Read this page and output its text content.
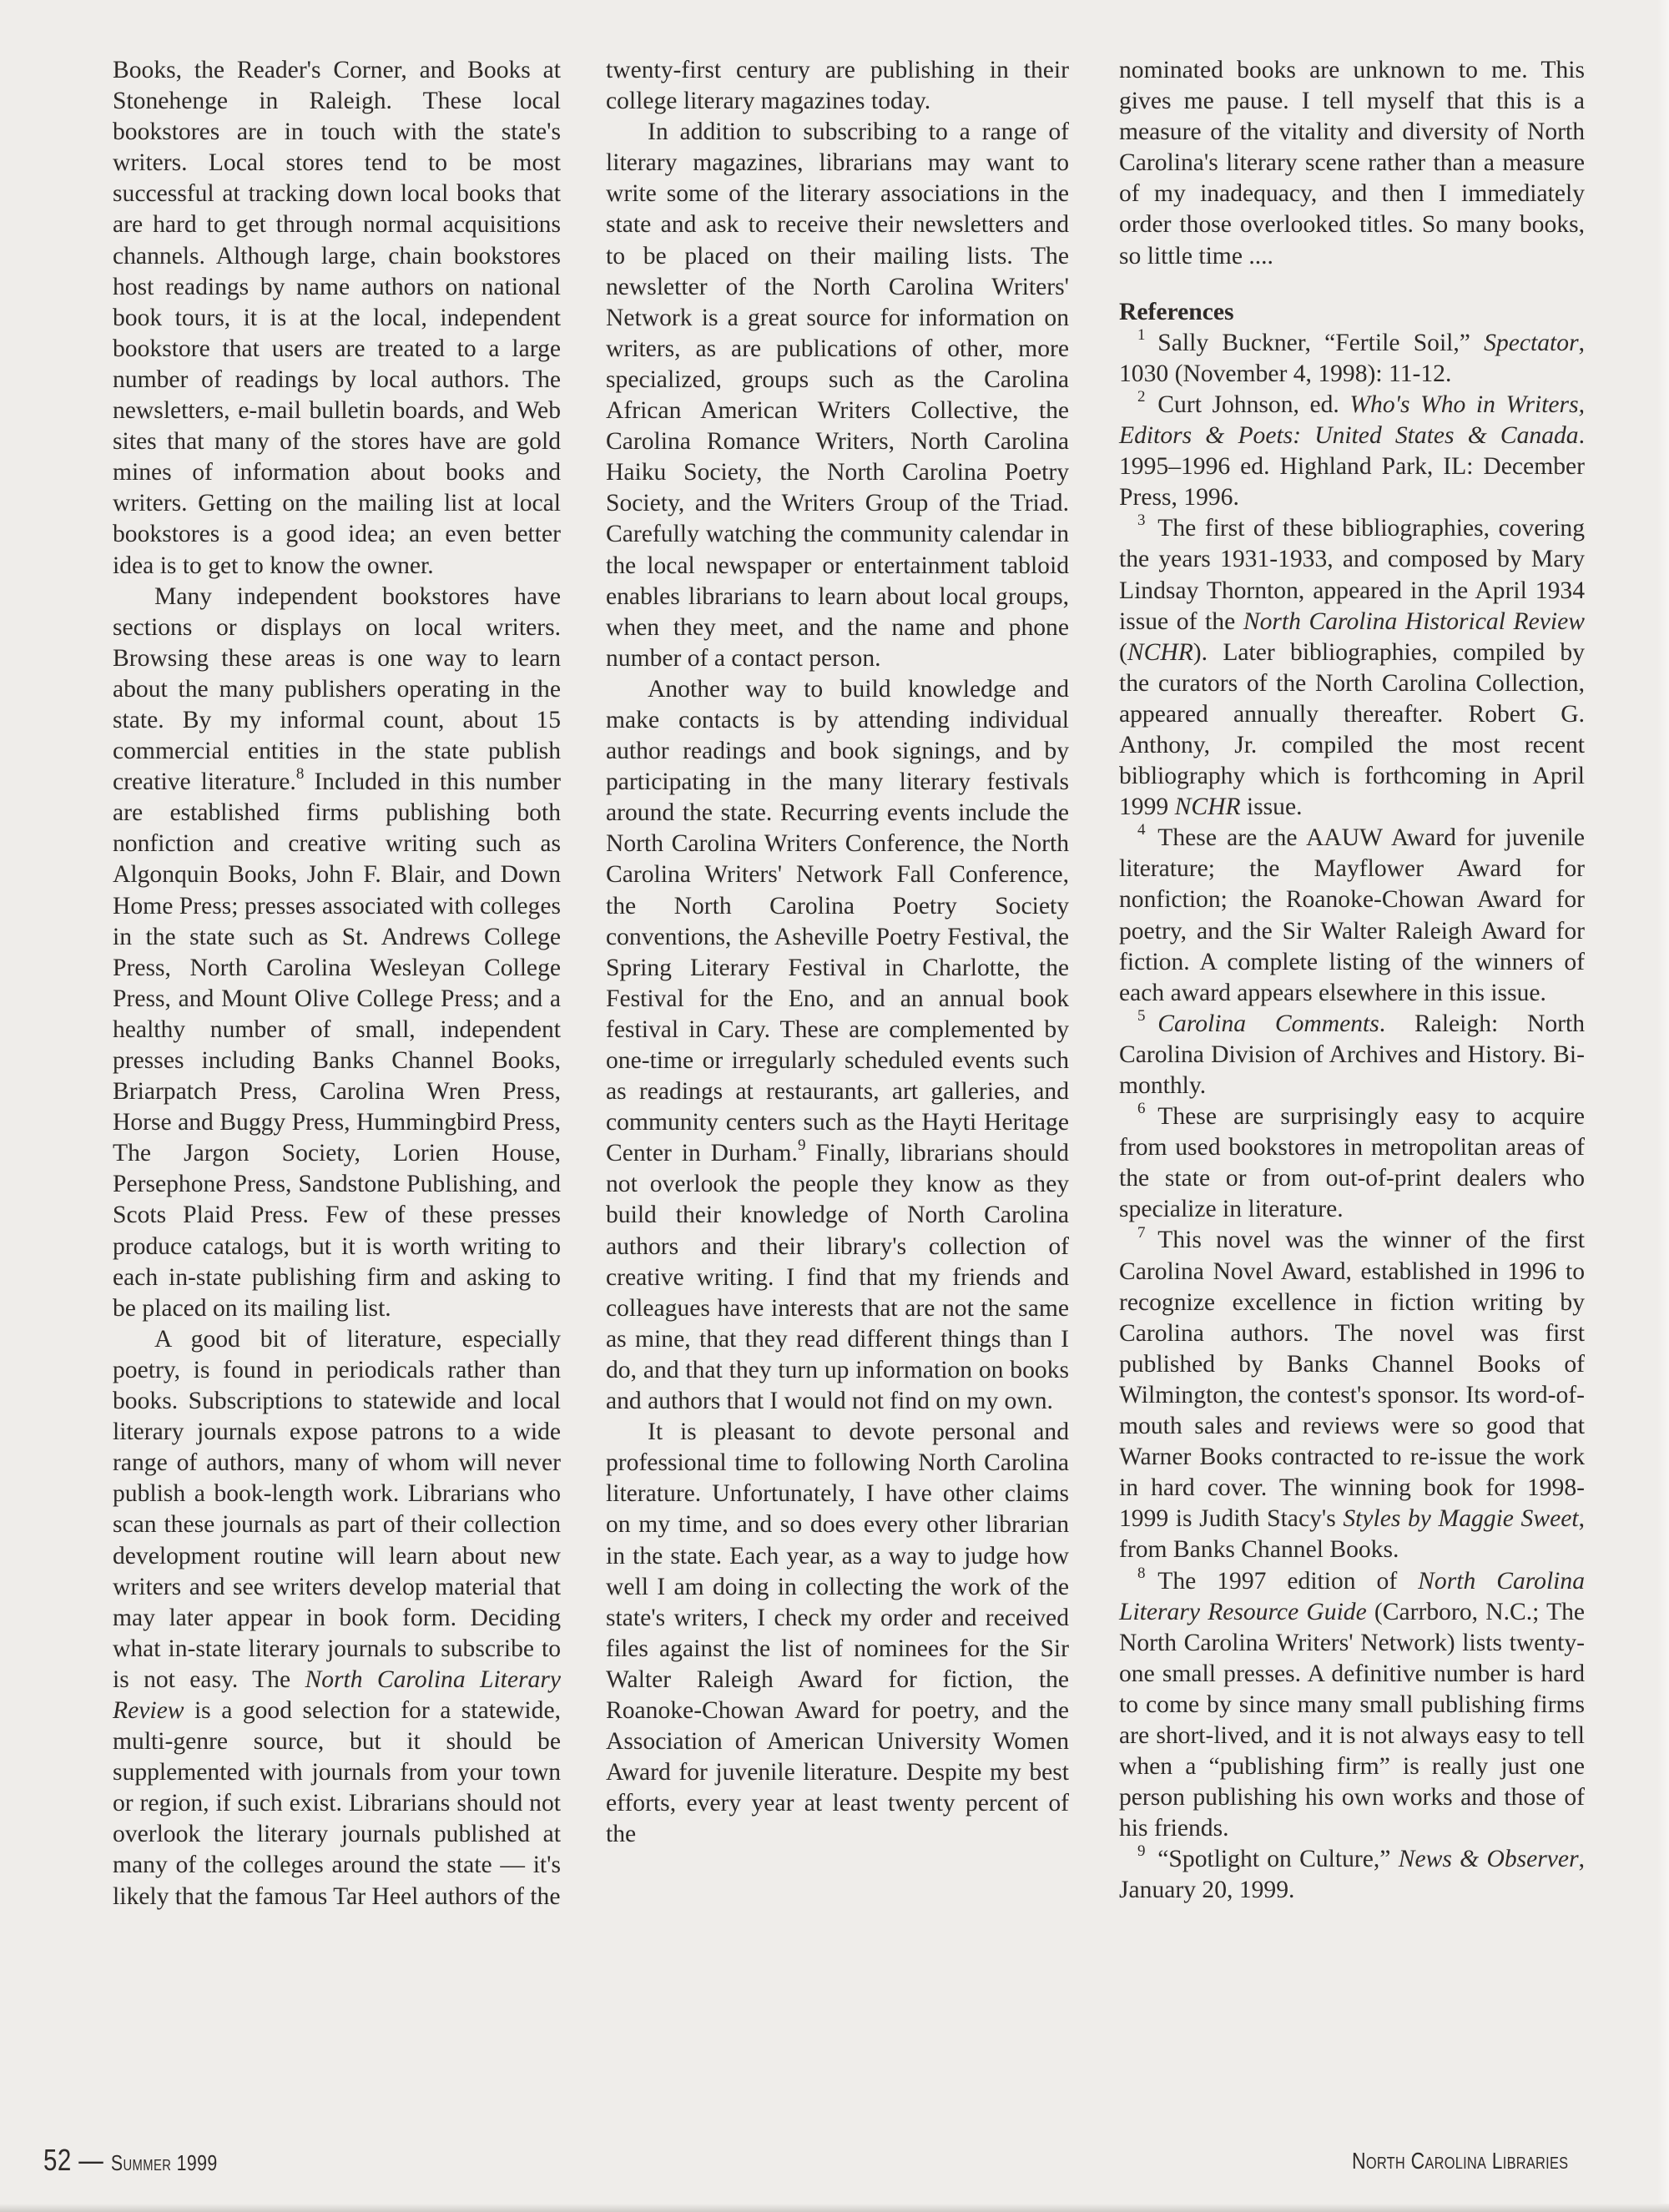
Books, the Reader's Corner, and Books at Stonehenge in Raleigh. These local bookstores are in touch with the state's writers. Local stores tend to be most successful at tracking down local books that are hard to get through normal acquisitions channels. Although large, chain bookstores host readings by name authors on national book tours, it is at the local, independent bookstore that users are treated to a large number of readings by local authors. The newsletters, e-mail bulletin boards, and Web sites that many of the stores have are gold mines of information about books and writers. Getting on the mailing list at local bookstores is a good idea; an even better idea is to get to know the owner.

Many independent bookstores have sections or displays on local writers. Browsing these areas is one way to learn about the many publishers operating in the state. By my informal count, about 15 commercial entities in the state publish creative literature.$^8$ Included in this number are established firms publishing both nonfiction and creative writing such as Algonquin Books, John F. Blair, and Down Home Press; presses associated with colleges in the state such as St. Andrews College Press, North Carolina Wesleyan College Press, and Mount Olive College Press; and a healthy number of small, independent presses including Banks Channel Books, Briarpatch Press, Carolina Wren Press, Horse and Buggy Press, Hummingbird Press, The Jargon Society, Lorien House, Persephone Press, Sandstone Publishing, and Scots Plaid Press. Few of these presses produce catalogs, but it is worth writing to each in-state publishing firm and asking to be placed on its mailing list.

A good bit of literature, especially poetry, is found in periodicals rather than books. Subscriptions to statewide and local literary journals expose patrons to a wide range of authors, many of whom will never publish a book-length work. Librarians who scan these journals as part of their collection development routine will learn about new writers and see writers develop material that may later appear in book form. Deciding what in-state literary journals to subscribe to is not easy. The North Carolina Literary Review is a good selection for a statewide, multi-genre source, but it should be supplemented with journals from your town or region, if such exist. Librarians should not overlook the literary journals published at many of the colleges around the state — it's likely that the famous Tar Heel authors of the

twenty-first century are publishing in their college literary magazines today.

In addition to subscribing to a range of literary magazines, librarians may want to write some of the literary associations in the state and ask to receive their newsletters and to be placed on their mailing lists. The newsletter of the North Carolina Writers' Network is a great source for information on writers, as are publications of other, more specialized, groups such as the Carolina African American Writers Collective, the Carolina Romance Writers, North Carolina Haiku Society, the North Carolina Poetry Society, and the Writers Group of the Triad. Carefully watching the community calendar in the local newspaper or entertainment tabloid enables librarians to learn about local groups, when they meet, and the name and phone number of a contact person.

Another way to build knowledge and make contacts is by attending individual author readings and book signings, and by participating in the many literary festivals around the state. Recurring events include the North Carolina Writers Conference, the North Carolina Writers' Network Fall Conference, the North Carolina Poetry Society conventions, the Asheville Poetry Festival, the Spring Literary Festival in Charlotte, the Festival for the Eno, and an annual book festival in Cary. These are complemented by one-time or irregularly scheduled events such as readings at restaurants, art galleries, and community centers such as the Hayti Heritage Center in Durham.$^9$ Finally, librarians should not overlook the people they know as they build their knowledge of North Carolina authors and their library's collection of creative writing. I find that my friends and colleagues have interests that are not the same as mine, that they read different things than I do, and that they turn up information on books and authors that I would not find on my own.

It is pleasant to devote personal and professional time to following North Carolina literature. Unfortunately, I have other claims on my time, and so does every other librarian in the state. Each year, as a way to judge how well I am doing in collecting the work of the state's writers, I check my order and received files against the list of nominees for the Sir Walter Raleigh Award for fiction, the Roanoke-Chowan Award for poetry, and the Association of American University Women Award for juvenile literature. Despite my best efforts, every year at least twenty percent of the

nominated books are unknown to me. This gives me pause. I tell myself that this is a measure of the vitality and diversity of North Carolina's literary scene rather than a measure of my inadequacy, and then I immediately order those overlooked titles. So many books, so little time ....

References

$^1$  Sally Buckner, “Fertile Soil,” Spectator, 1030 (November 4, 1998): 11-12.

$^2$  Curt Johnson, ed. Who's Who in Writers, Editors & Poets: United States & Canada. 1995–1996 ed. Highland Park, IL: December Press, 1996.

$^3$  The first of these bibliographies, covering the years 1931-1933, and composed by Mary Lindsay Thornton, appeared in the April 1934 issue of the North Carolina Historical Review (NCHR). Later bibliographies, compiled by the curators of the North Carolina Collection, appeared annually thereafter. Robert G. Anthony, Jr. compiled the most recent bibliography which is forthcoming in April 1999 NCHR issue.

$^4$  These are the AAUW Award for juvenile literature; the Mayflower Award for nonfiction; the Roanoke-Chowan Award for poetry, and the Sir Walter Raleigh Award for fiction. A complete listing of the winners of each award appears elsewhere in this issue.

$^5$  Carolina Comments. Raleigh: North Carolina Division of Archives and History. Bi-monthly.

$^6$  These are surprisingly easy to acquire from used bookstores in metropolitan areas of the state or from out-of-print dealers who specialize in literature.

$^7$  This novel was the winner of the first Carolina Novel Award, established in 1996 to recognize excellence in fiction writing by Carolina authors. The novel was first published by Banks Channel Books of Wilmington, the contest's sponsor. Its word-of-mouth sales and reviews were so good that Warner Books contracted to re-issue the work in hard cover. The winning book for 1998-1999 is Judith Stacy's Styles by Maggie Sweet, from Banks Channel Books.

$^8$  The 1997 edition of North Carolina Literary Resource Guide (Carrboro, N.C.; The North Carolina Writers' Network) lists twenty-one small presses. A definitive number is hard to come by since many small publishing firms are short-lived, and it is not always easy to tell when a “publishing firm” is really just one person publishing his own works and those of his friends.

$^9$  “Spotlight on Culture,” News & Observer, January 20, 1999.

52 — Summer 1999	North Carolina Libraries
